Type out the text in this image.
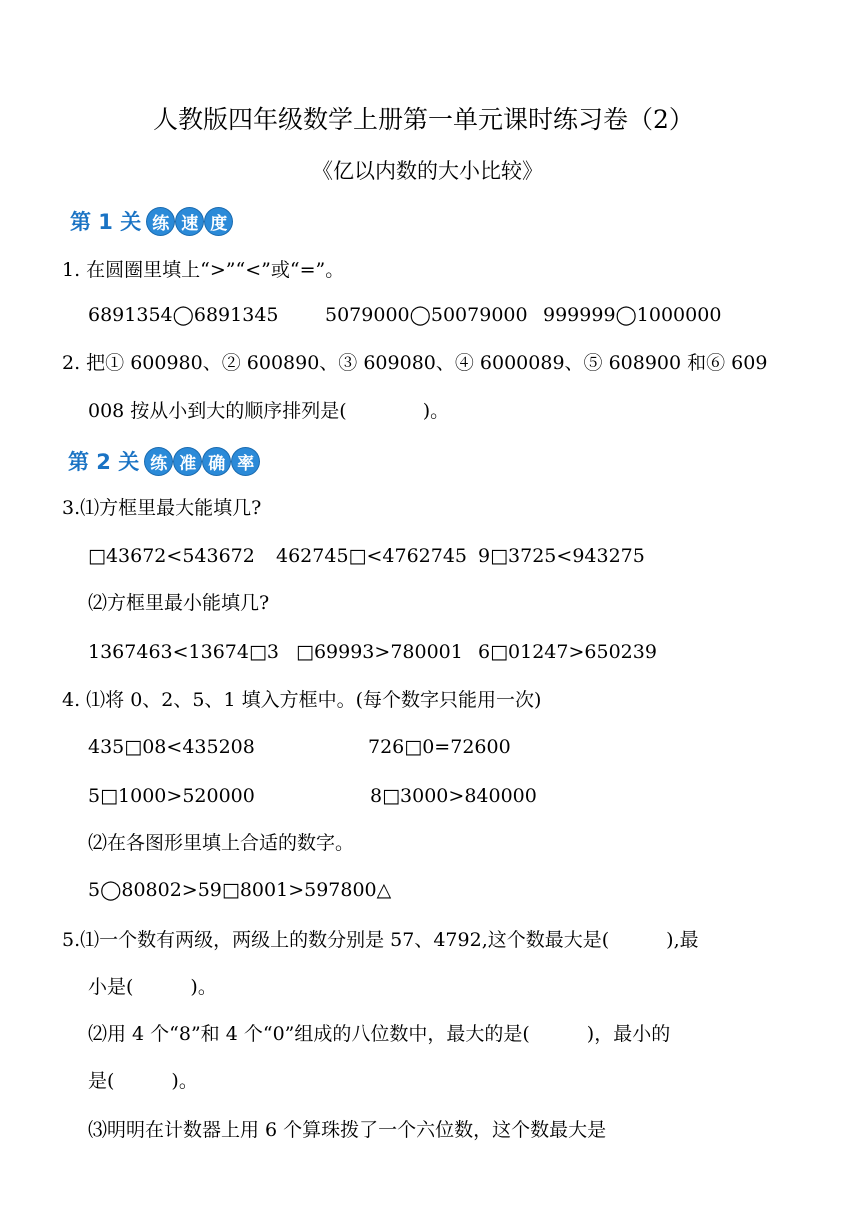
人教版四年级数学上册第一单元课时练习卷（2）
《亿以内数的大小比较》
第 1 关 练 速 度
1. 在圆圈里填上“>”“<”或“=”。
6891354◯6891345 5079000◯50079000 999999◯1000000
2. 把① 600980、② 600890、③ 609080、④ 6000089、⑤ 608900 和⑥ 609
008 按从小到大的顺序排列是(　　　　)。
第 2 关 练 准 确 率
3.⑴方框里最大能填几?
□43672<543672 462745□<4762745 9□3725<943275
⑵方框里最小能填几?
1367463<13674□3 □69993>780001 6□01247>650239
4. ⑴将 0、2、5、1 填入方框中。(每个数字只能用一次)
435□08<435208	726□0=72600
5□1000>520000	8□3000>840000
⑵在各图形里填上合适的数字。
5◯80802>59□8001>597800△
5.⑴一个数有两级，两级上的数分别是 57、4792,这个数最大是(　　　),最
小是(　　　)。
⑵用 4 个“8”和 4 个“0”组成的八位数中，最大的是(　　　)，最小的
是(　　　)。
⑶明明在计数器上用 6 个算珠拨了一个六位数，这个数最大是
